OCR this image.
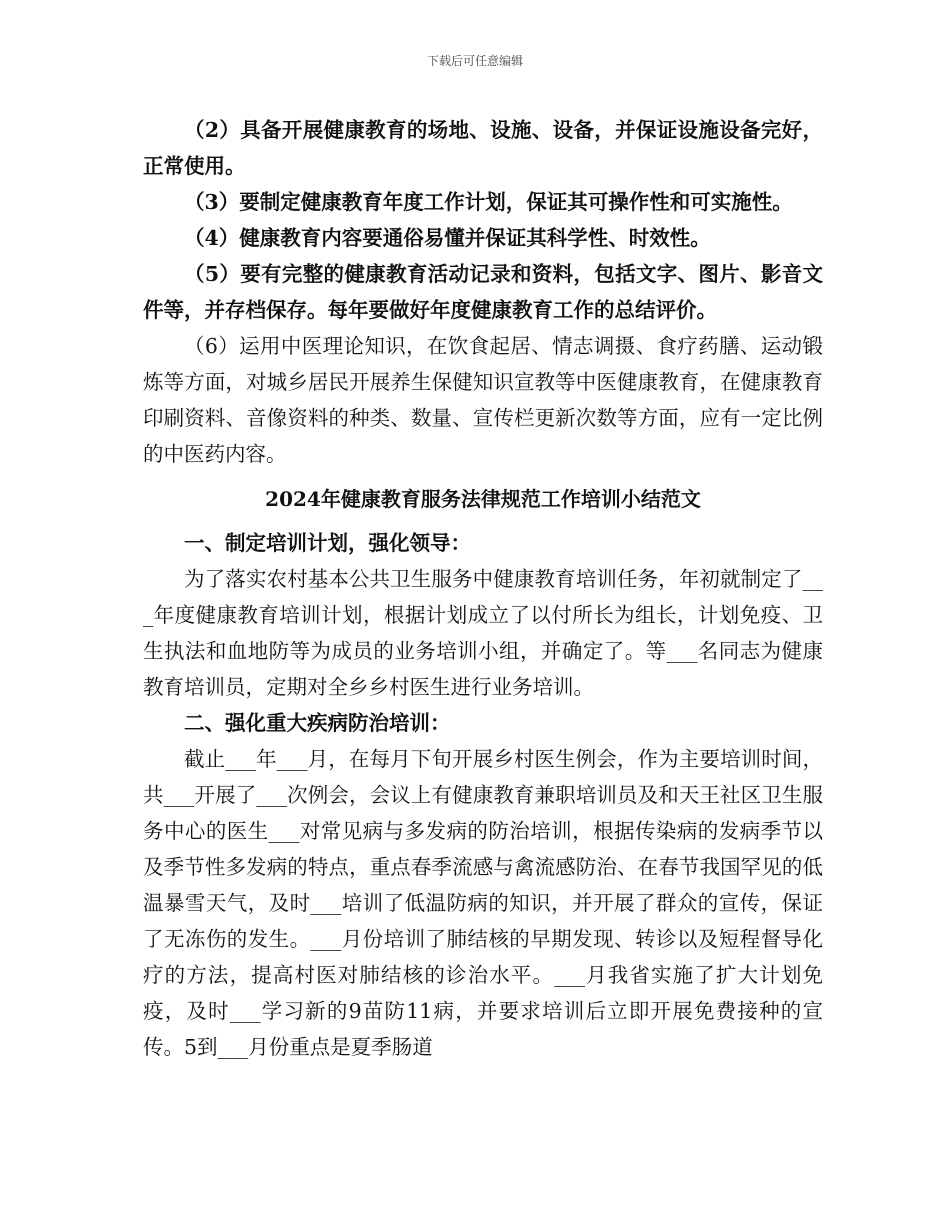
下载后可任意编辑

（2）具备开展健康教育的场地、设施、设备，并保证设施设备完好，正常使用。

（3）要制定健康教育年度工作计划，保证其可操作性和可实施性。

（4）健康教育内容要通俗易懂并保证其科学性、时效性。

（5）要有完整的健康教育活动记录和资料，包括文字、图片、影音文件等，并存档保存。每年要做好年度健康教育工作的总结评价。

（6）运用中医理论知识，在饮食起居、情志调摄、食疗药膳、运动锻炼等方面，对城乡居民开展养生保健知识宣教等中医健康教育，在健康教育印刷资料、音像资料的种类、数量、宣传栏更新次数等方面，应有一定比例的中医药内容。

2024年健康教育服务法律规范工作培训小结范文

一、制定培训计划，强化领导：

为了落实农村基本公共卫生服务中健康教育培训任务，年初就制定了___年度健康教育培训计划，根据计划成立了以付所长为组长，计划免疫、卫生执法和血地防等为成员的业务培训小组，并确定了。等___名同志为健康教育培训员，定期对全乡乡村医生进行业务培训。

二、强化重大疾病防治培训：

截止___年___月，在每月下旬开展乡村医生例会，作为主要培训时间，共___开展了___次例会，会议上有健康教育兼职培训员及和天王社区卫生服务中心的医生___对常见病与多发病的防治培训，根据传染病的发病季节以及季节性多发病的特点，重点春季流感与禽流感防治、在春节我国罕见的低温暴雪天气，及时___培训了低温防病的知识，并开展了群众的宣传，保证了无冻伤的发生。___月份培训了肺结核的早期发现、转诊以及短程督导化疗的方法，提高村医对肺结核的诊治水平。___月我省实施了扩大计划免疫，及时___学习新的9苗防11病，并要求培训后立即开展免费接种的宣传。5到___月份重点是夏季肠道
